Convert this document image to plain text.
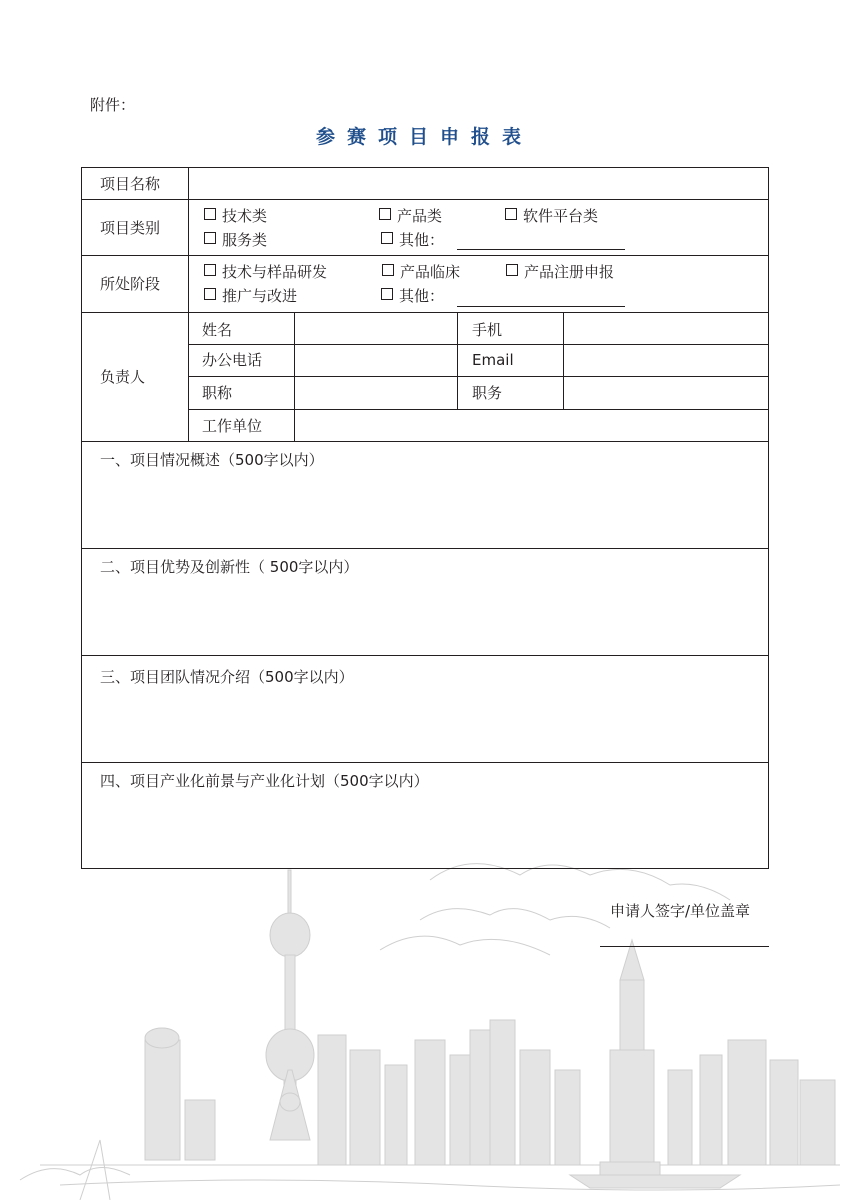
附件：
参赛项目申报表
项目名称
项目类别
技术类	产品类	软件平台类
服务类	其他：
所处阶段
技术与样品研发	产品临床	产品注册申报
推广与改进	其他：
负责人
姓名	手机
办公电话	Email
职称	职务
工作单位
一、项目情况概述（500字以内）
二、项目优势及创新性（ 500字以内）
三、项目团队情况介绍（500字以内）
四、项目产业化前景与产业化计划（500字以内）
申请人签字/单位盖章
